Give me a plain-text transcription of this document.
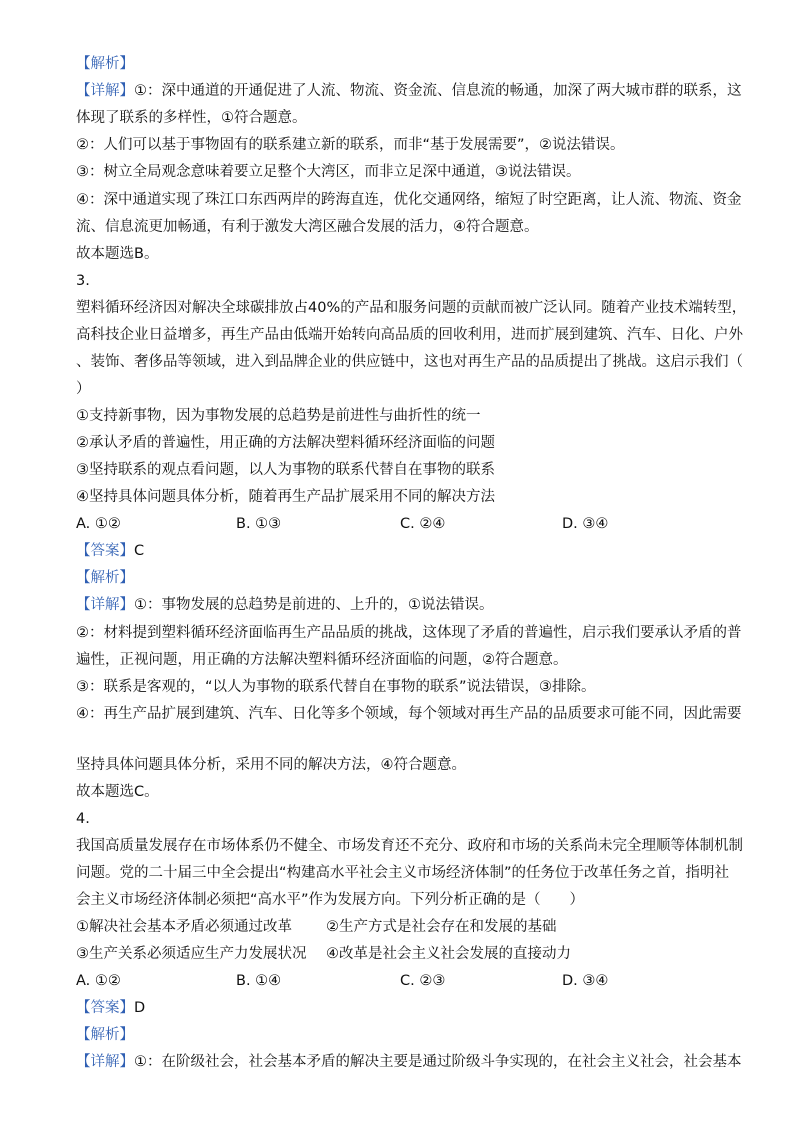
【解析】
【详解】①：深中通道的开通促进了人流、物流、资金流、信息流的畅通，加深了两大城市群的联系，这
体现了联系的多样性，①符合题意。
②：人们可以基于事物固有的联系建立新的联系，而非“基于发展需要”，②说法错误。
③：树立全局观念意味着要立足整个大湾区，而非立足深中通道，③说法错误。
④：深中通道实现了珠江口东西两岸的跨海直连，优化交通网络，缩短了时空距离，让人流、物流、资金
流、信息流更加畅通，有利于激发大湾区融合发展的活力，④符合题意。
故本题选B。
3.
塑料循环经济因对解决全球碳排放占40%的产品和服务问题的贡献而被广泛认同。随着产业技术端转型，
高科技企业日益增多，再生产品由低端开始转向高品质的回收利用，进而扩展到建筑、汽车、日化、户外
、装饰、奢侈品等领域，进入到品牌企业的供应链中，这也对再生产品的品质提出了挑战。这启示我们（
）
①支持新事物，因为事物发展的总趋势是前进性与曲折性的统一
②承认矛盾的普遍性，用正确的方法解决塑料循环经济面临的问题
③坚持联系的观点看问题，以人为事物的联系代替自在事物的联系
④坚持具体问题具体分析，随着再生产品扩展采用不同的解决方法
A. ①②	B. ①③	C. ②④	D. ③④
【答案】C
【解析】
【详解】①：事物发展的总趋势是前进的、上升的，①说法错误。
②：材料提到塑料循环经济面临再生产品品质的挑战，这体现了矛盾的普遍性，启示我们要承认矛盾的普
遍性，正视问题，用正确的方法解决塑料循环经济面临的问题，②符合题意。
③：联系是客观的，“以人为事物的联系代替自在事物的联系”说法错误，③排除。
④：再生产品扩展到建筑、汽车、日化等多个领域，每个领域对再生产品的品质要求可能不同，因此需要
坚持具体问题具体分析，采用不同的解决方法，④符合题意。
故本题选C。
4.
我国高质量发展存在市场体系仍不健全、市场发育还不充分、政府和市场的关系尚未完全理顺等体制机制
问题。党的二十届三中全会提出“构建高水平社会主义市场经济体制”的任务位于改革任务之首，指明社
会主义市场经济体制必须把“高水平”作为发展方向。下列分析正确的是（　　）
①解决社会基本矛盾必须通过改革 ②生产方式是社会存在和发展的基础
③生产关系必须适应生产力发展状况 ④改革是社会主义社会发展的直接动力
A. ①②	B. ①④	C. ②③	D. ③④
【答案】D
【解析】
【详解】①：在阶级社会，社会基本矛盾的解决主要是通过阶级斗争实现的，在社会主义社会，社会基本
